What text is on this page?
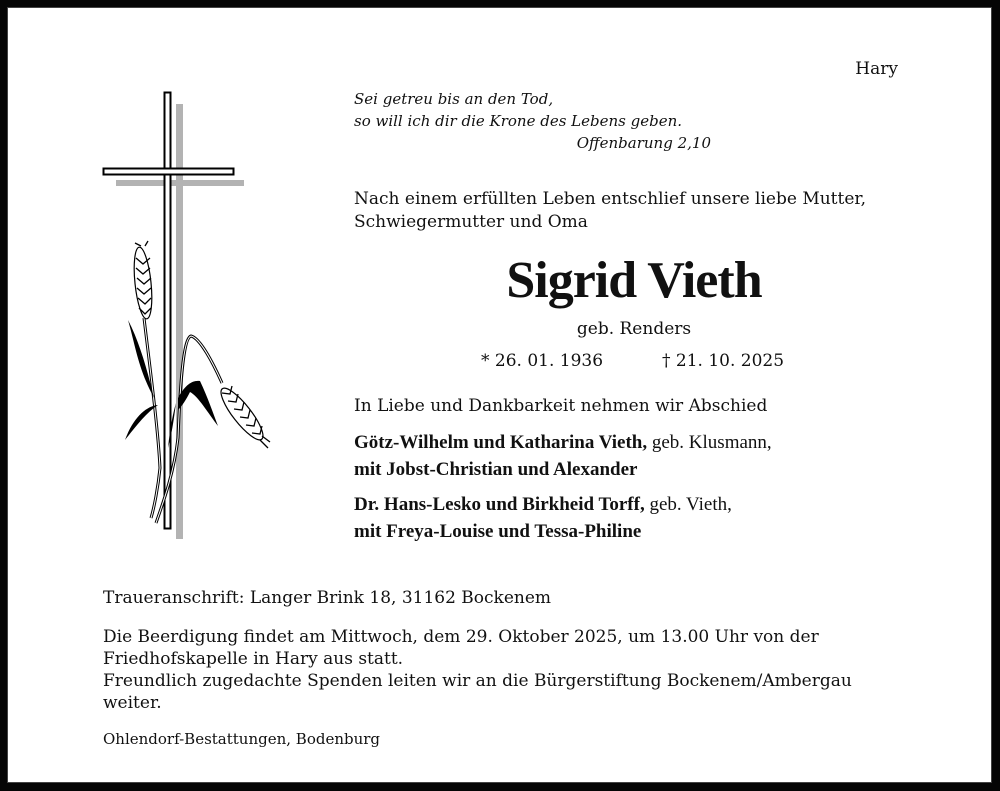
Hary
Sei getreu bis an den Tod,
so will ich dir die Krone des Lebens geben.
Offenbarung 2,10
Nach einem erfüllten Leben entschlief unsere liebe Mutter,
Schwiegermutter und Oma
Sigrid Vieth
geb. Renders
* 26. 01. 1936	† 21. 10. 2025
In Liebe und Dankbarkeit nehmen wir Abschied
Götz-Wilhelm und Katharina Vieth, geb. Klusmann,
mit Jobst-Christian und Alexander
Dr. Hans-Lesko und Birkheid Torff, geb. Vieth,
mit Freya-Louise und Tessa-Philine
Traueranschrift: Langer Brink 18, 31162 Bockenem
Die Beerdigung findet am Mittwoch, dem 29. Oktober 2025, um 13.00 Uhr von der Friedhofskapelle in Hary aus statt.
Freundlich zugedachte Spenden leiten wir an die Bürgerstiftung Bockenem/Ambergau weiter.
Ohlendorf-Bestattungen, Bodenburg
